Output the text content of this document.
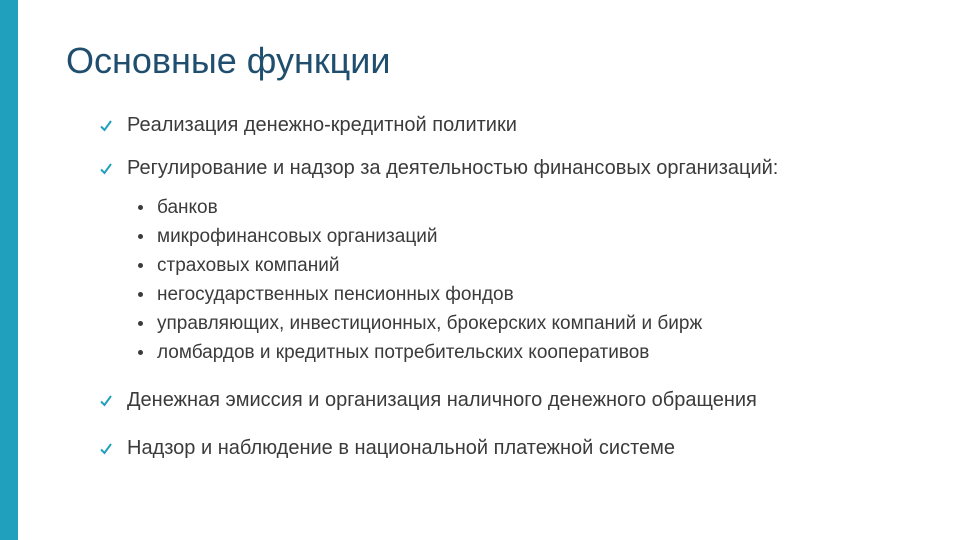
Основные функции
Реализация денежно-кредитной политики
Регулирование и надзор за деятельностью финансовых организаций:
банков
микрофинансовых организаций
страховых компаний
негосударственных пенсионных фондов
управляющих, инвестиционных, брокерских компаний и бирж
ломбардов и кредитных потребительских кооперативов
Денежная эмиссия и организация наличного денежного обращения
Надзор и наблюдение в национальной платежной системе
